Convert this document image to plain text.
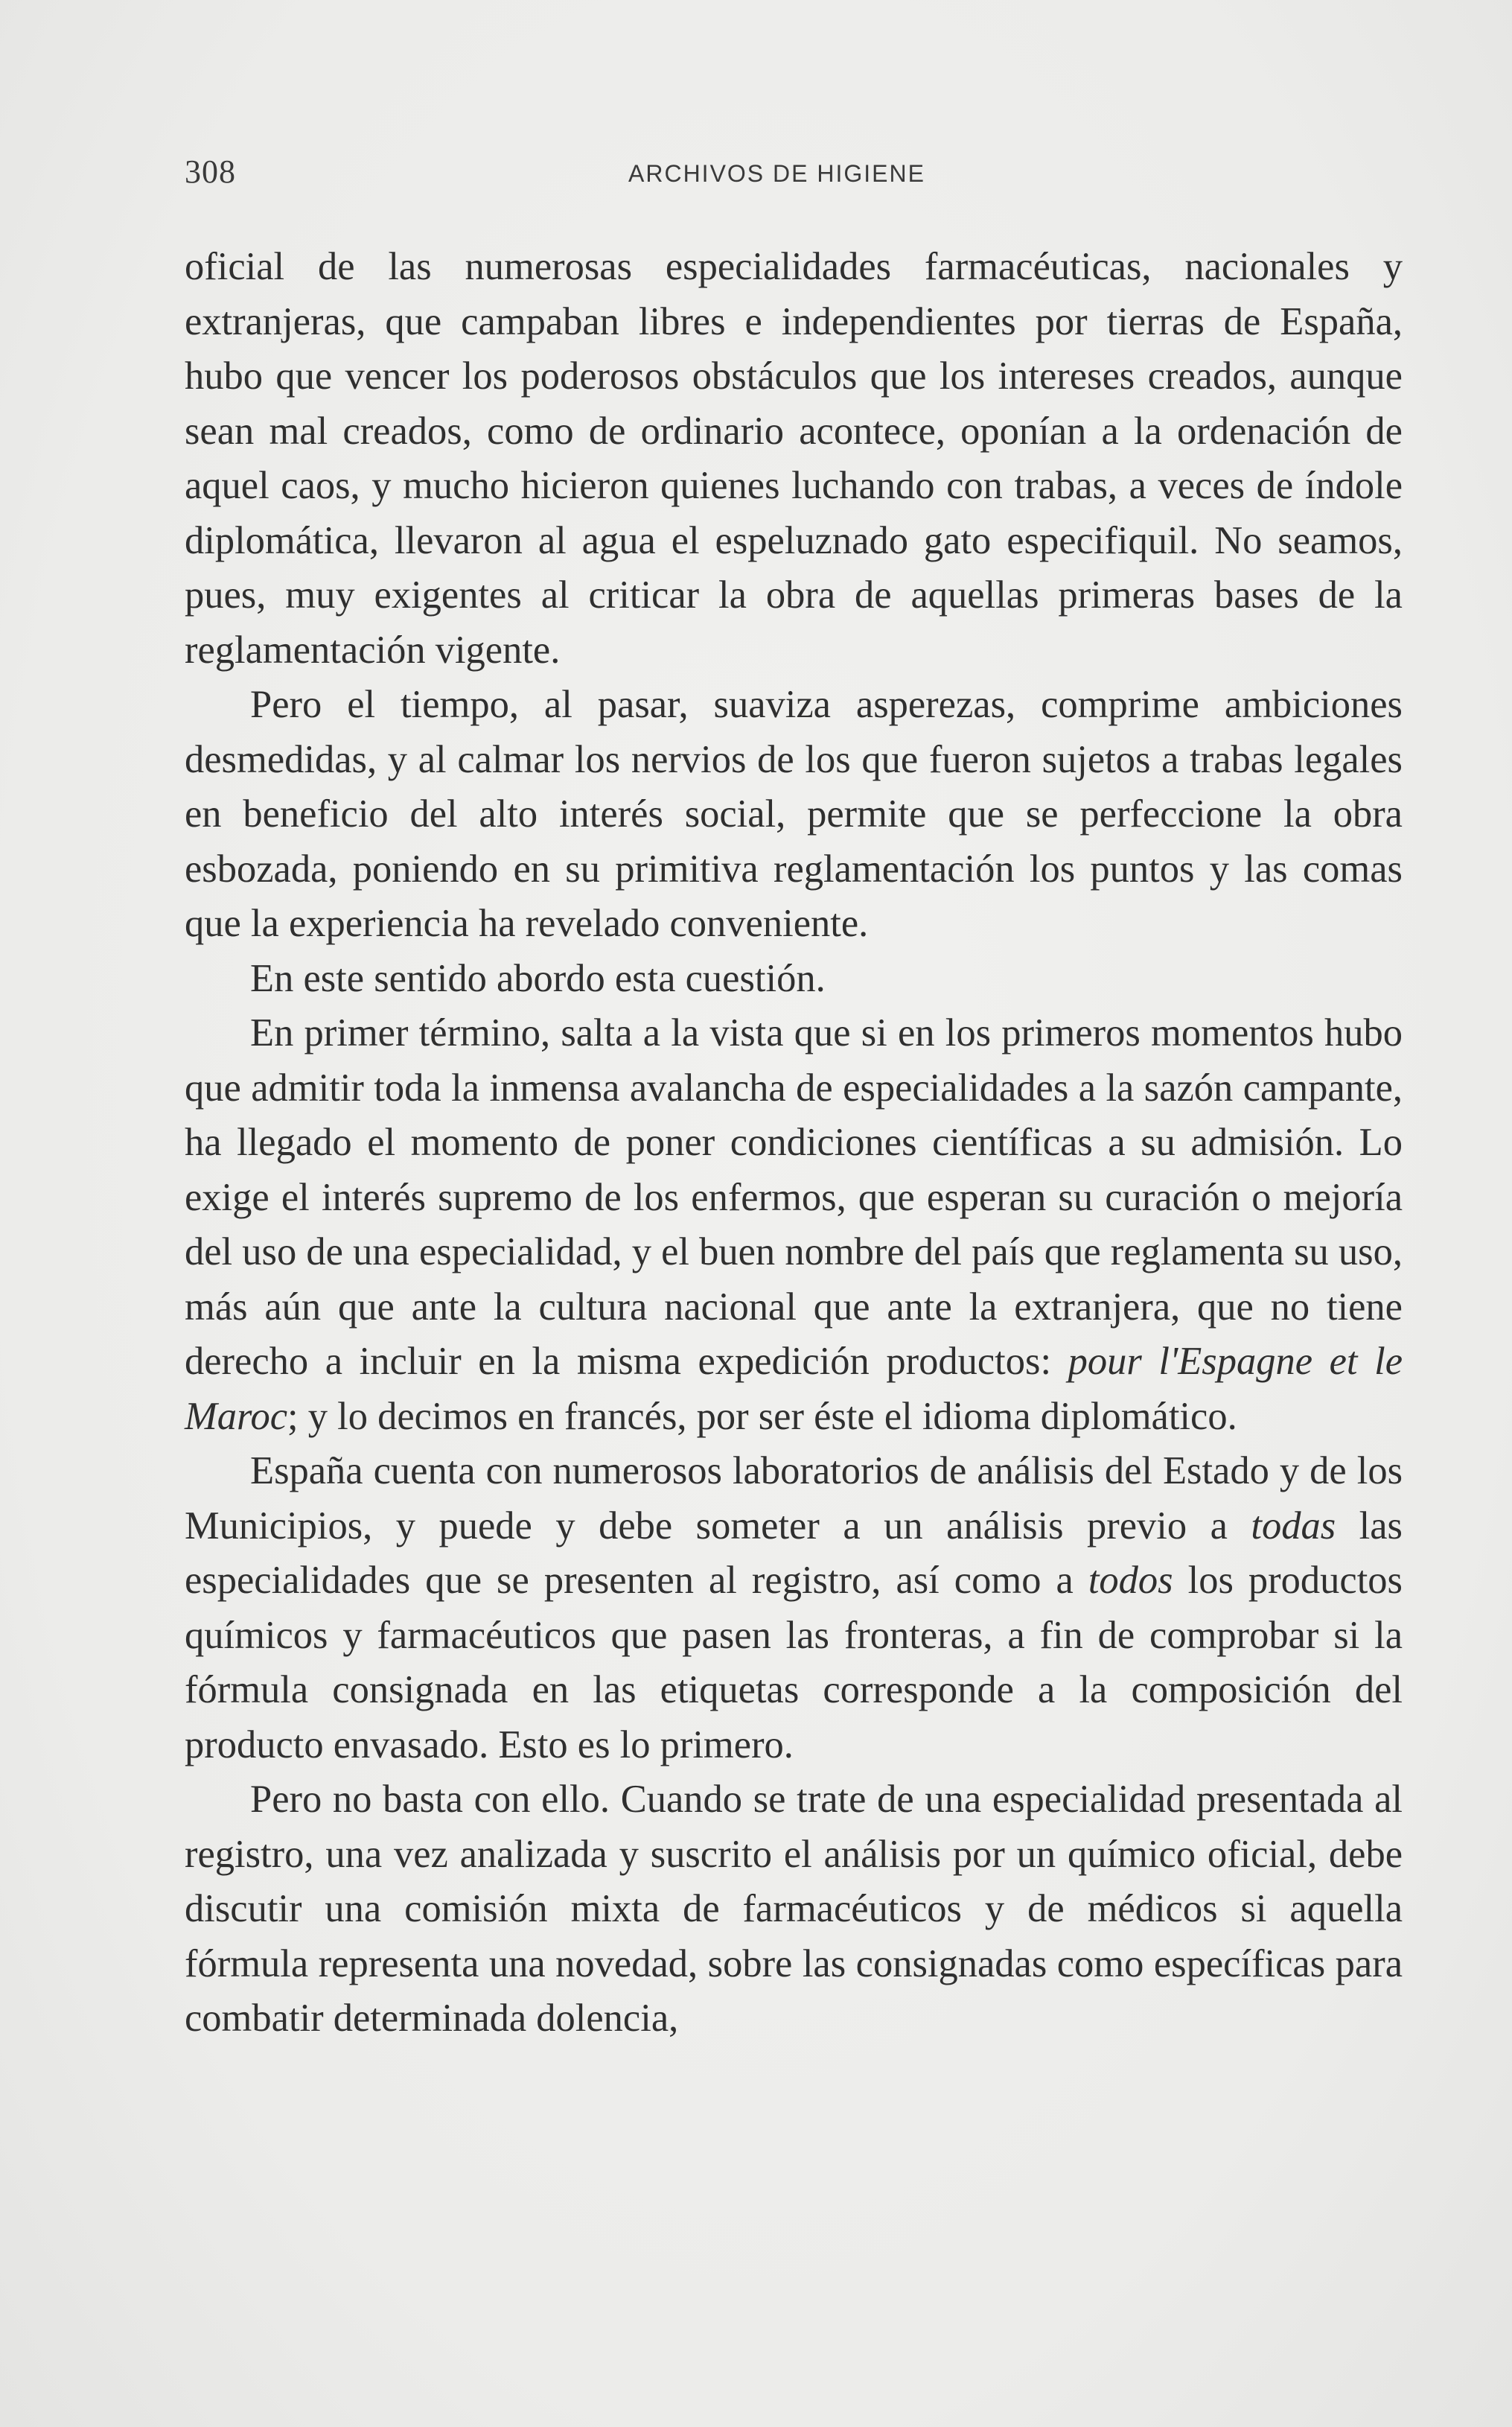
308	ARCHIVOS DE HIGIENE

oficial de las numerosas especialidades farmacéuticas, nacionales y extranjeras, que campaban libres e independientes por tierras de España, hubo que vencer los poderosos obstáculos que los intereses creados, aunque sean mal creados, como de ordinario acontece, oponían a la ordenación de aquel caos, y mucho hicieron quienes luchando con trabas, a veces de índole diplomática, llevaron al agua el espeluznado gato especifiquil. No seamos, pues, muy exigentes al criticar la obra de aquellas primeras bases de la reglamentación vigente.

Pero el tiempo, al pasar, suaviza asperezas, comprime ambiciones desmedidas, y al calmar los nervios de los que fueron sujetos a trabas legales en beneficio del alto interés social, permite que se perfeccione la obra esbozada, poniendo en su primitiva reglamentación los puntos y las comas que la experiencia ha revelado conveniente.

En este sentido abordo esta cuestión.

En primer término, salta a la vista que si en los primeros momentos hubo que admitir toda la inmensa avalancha de especialidades a la sazón campante, ha llegado el momento de poner condiciones científicas a su admisión. Lo exige el interés supremo de los enfermos, que esperan su curación o mejoría del uso de una especialidad, y el buen nombre del país que reglamenta su uso, más aún que ante la cultura nacional que ante la extranjera, que no tiene derecho a incluir en la misma expedición productos: pour l'Espagne et le Maroc; y lo decimos en francés, por ser éste el idioma diplomático.

España cuenta con numerosos laboratorios de análisis del Estado y de los Municipios, y puede y debe someter a un análisis previo a todas las especialidades que se presenten al registro, así como a todos los productos químicos y farmacéuticos que pasen las fronteras, a fin de comprobar si la fórmula consignada en las etiquetas corresponde a la composición del producto envasado. Esto es lo primero.

Pero no basta con ello. Cuando se trate de una especialidad presentada al registro, una vez analizada y suscrito el análisis por un químico oficial, debe discutir una comisión mixta de farmacéuticos y de médicos si aquella fórmula representa una novedad, sobre las consignadas como específicas para combatir determinada dolencia,
